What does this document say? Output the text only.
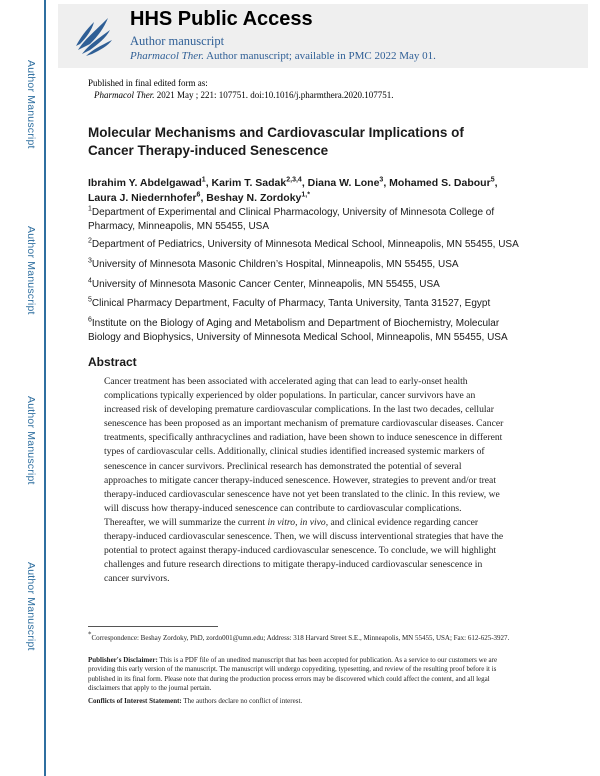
Author Manuscript
Author Manuscript
Author Manuscript
Author Manuscript
HHS Public Access
Author manuscript
Pharmacol Ther. Author manuscript; available in PMC 2022 May 01.
Published in final edited form as:
Pharmacol Ther. 2021 May ; 221: 107751. doi:10.1016/j.pharmthera.2020.107751.
Molecular Mechanisms and Cardiovascular Implications of Cancer Therapy-induced Senescence
Ibrahim Y. Abdelgawad$^1$, Karim T. Sadak$^{2,3,4}$, Diana W. Lone$^3$, Mohamed S. Dabour$^5$, Laura J. Niedernhofer$^6$, Beshay N. Zordoky$^{1,*}$
$^1$Department of Experimental and Clinical Pharmacology, University of Minnesota College of Pharmacy, Minneapolis, MN 55455, USA
$^2$Department of Pediatrics, University of Minnesota Medical School, Minneapolis, MN 55455, USA
$^3$University of Minnesota Masonic Children’s Hospital, Minneapolis, MN 55455, USA
$^4$University of Minnesota Masonic Cancer Center, Minneapolis, MN 55455, USA
$^5$Clinical Pharmacy Department, Faculty of Pharmacy, Tanta University, Tanta 31527, Egypt
$^6$Institute on the Biology of Aging and Metabolism and Department of Biochemistry, Molecular Biology and Biophysics, University of Minnesota Medical School, Minneapolis, MN 55455, USA
Abstract
Cancer treatment has been associated with accelerated aging that can lead to early-onset health complications typically experienced by older populations. In particular, cancer survivors have an increased risk of developing premature cardiovascular complications. In the last two decades, cellular senescence has been proposed as an important mechanism of premature cardiovascular diseases. Cancer treatments, specifically anthracyclines and radiation, have been shown to induce senescence in different types of cardiovascular cells. Additionally, clinical studies identified increased systemic markers of senescence in cancer survivors. Preclinical research has demonstrated the potential of several approaches to mitigate cancer therapy-induced senescence. However, strategies to prevent and/or treat therapy-induced cardiovascular senescence have not yet been translated to the clinic. In this review, we will discuss how therapy-induced senescence can contribute to cardiovascular complications. Thereafter, we will summarize the current in vitro, in vivo, and clinical evidence regarding cancer therapy-induced cardiovascular senescence. Then, we will discuss interventional strategies that have the potential to protect against therapy-induced cardiovascular senescence. To conclude, we will highlight challenges and future research directions to mitigate therapy-induced cardiovascular senescence in cancer survivors.
*Correspondence: Beshay Zordoky, PhD, zordo001@umn.edu; Address: 318 Harvard Street S.E., Minneapolis, MN 55455, USA; Fax: 612-625-3927.
Publisher's Disclaimer: This is a PDF file of an unedited manuscript that has been accepted for publication. As a service to our customers we are providing this early version of the manuscript. The manuscript will undergo copyediting, typesetting, and review of the resulting proof before it is published in its final form. Please note that during the production process errors may be discovered which could affect the content, and all legal disclaimers that apply to the journal pertain.
Conflicts of Interest Statement: The authors declare no conflict of interest.
